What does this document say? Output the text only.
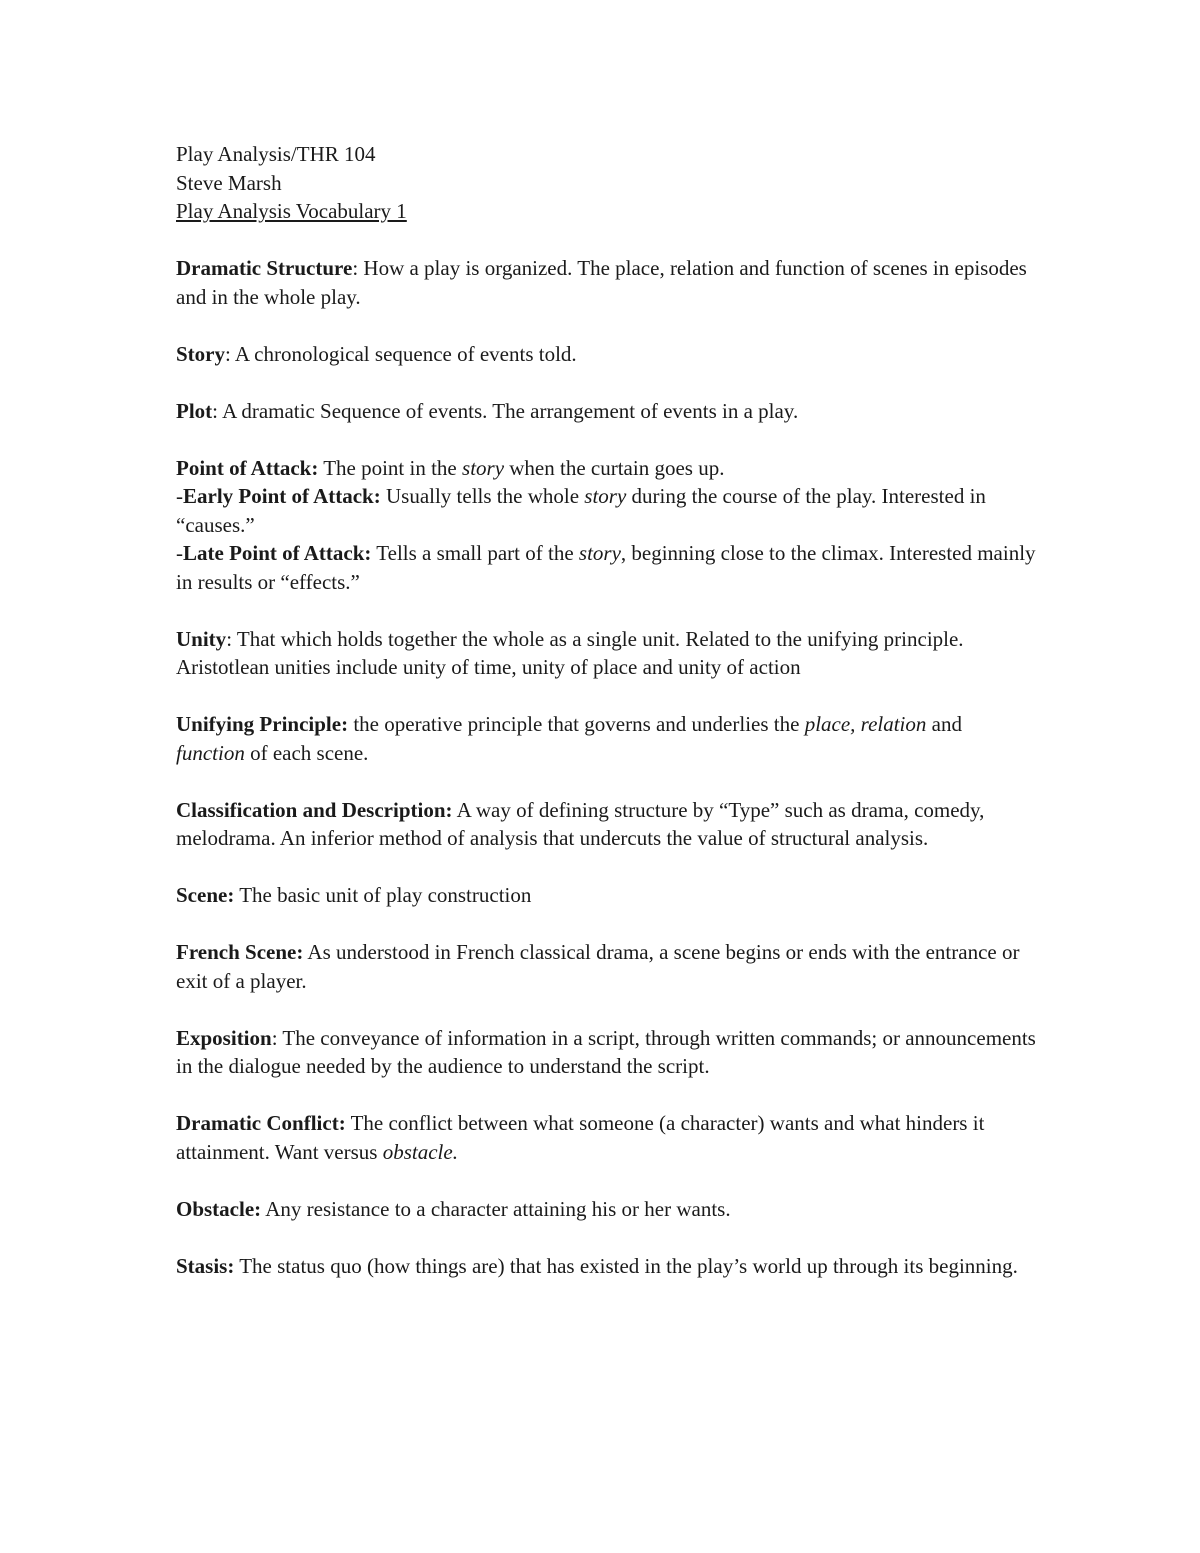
Play Analysis/THR 104
Steve Marsh
Play Analysis Vocabulary 1

Dramatic Structure: How a play is organized. The place, relation and function of scenes in episodes and in the whole play.

Story: A chronological sequence of events told.

Plot: A dramatic Sequence of events. The arrangement of events in a play.

Point of Attack: The point in the story when the curtain goes up.

-Early Point of Attack: Usually tells the whole story during the course of the play. Interested in “causes.”

-Late Point of Attack: Tells a small part of the story, beginning close to the climax. Interested mainly in results or “effects.”

Unity: That which holds together the whole as a single unit. Related to the unifying principle. Aristotlean unities include unity of time, unity of place and unity of action

Unifying Principle: the operative principle that governs and underlies the place, relation and function of each scene.

Classification and Description: A way of defining structure by “Type” such as drama, comedy, melodrama. An inferior method of analysis that undercuts the value of structural analysis.

Scene: The basic unit of play construction

French Scene: As understood in French classical drama, a scene begins or ends with the entrance or exit of a player.

Exposition: The conveyance of information in a script, through written commands; or announcements in the dialogue needed by the audience to understand the script.

Dramatic Conflict: The conflict between what someone (a character) wants and what hinders it attainment. Want versus obstacle.

Obstacle: Any resistance to a character attaining his or her wants.

Stasis: The status quo (how things are) that has existed in the play’s world up through its beginning.
